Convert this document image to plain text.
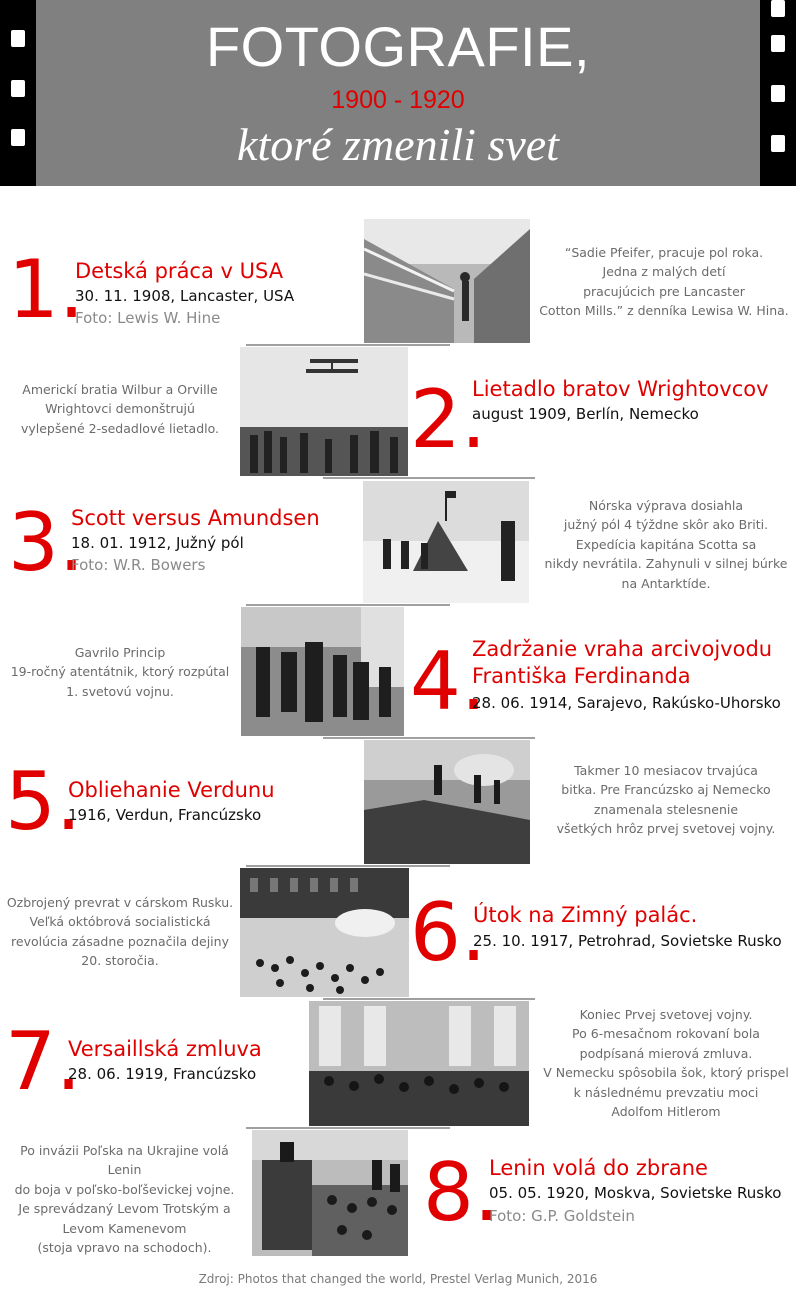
FOTOGRAFIE,
1900 - 1920
ktoré zmenili svet
1.
Detská práca v USA
30. 11. 1908, Lancaster, USA
Foto: Lewis W. Hine
“Sadie Pfeifer, pracuje pol roka.
Jedna z malých detí
pracujúcich pre Lancaster
Cotton Mills.” z denníka Lewisa W. Hina.
Americkí bratia Wilbur a Orville
Wrightovci demonštrujú
vylepšené 2-sedadlové lietadlo. 2.
Lietadlo bratov Wrightovcov
august 1909, Berlín, Nemecko
3.
Scott versus Amundsen
18. 01. 1912, Južný pól
Foto: W.R. Bowers
Nórska výprava dosiahla
južný pól 4 týždne skôr ako Briti.
Expedícia kapitána Scotta sa
nikdy nevrátila. Zahynuli v silnej búrke
na Antarktíde.
Gavrilo Princip
19-ročný atentátnik, ktorý rozpútal
1. svetovú vojnu.	4.
Zadržanie vraha arcivojvodu
Františka Ferdinanda
28. 06. 1914, Sarajevo, Rakúsko-Uhorsko
5.
Obliehanie Verdunu
1916, Verdun, Francúzsko
Takmer 10 mesiacov trvajúca
bitka. Pre Francúzsko aj Nemecko
znamenala stelesnenie
všetkých hrôz prvej svetovej vojny.
Ozbrojený prevrat v cárskom Rusku.
Veľká októbrová socialistická
revolúcia zásadne poznačila dejiny
20. storočia.	6.
Útok na Zimný palác.
25. 10. 1917, Petrohrad, Sovietske Rusko
7.
Versaillská zmluva
28. 06. 1919, Francúzsko
Koniec Prvej svetovej vojny.
Po 6-mesačnom rokovaní bola
podpísaná mierová zmluva.
V Nemecku spôsobila šok, ktorý prispel
k následnému prevzatiu moci
Adolfom Hitlerom
Po invázii Poľska na Ukrajine volá Lenin
do boja v poľsko-boľševickej vojne.
Je sprevádzaný Levom Trotským a
Levom Kamenevom
(stoja vpravo na schodoch).
8.
Lenin volá do zbrane
05. 05. 1920, Moskva, Sovietske Rusko
Foto: G.P. Goldstein
Zdroj: Photos that changed the world, Prestel Verlag Munich, 2016
